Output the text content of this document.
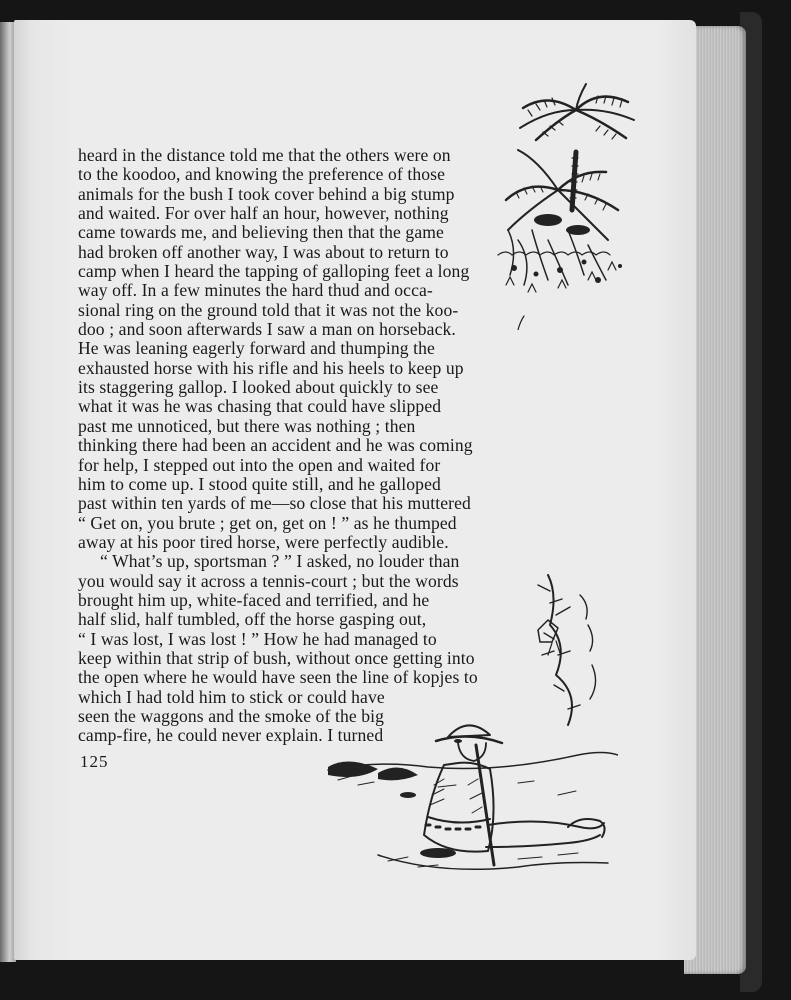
heard in the distance told me that the others were on
to the koodoo, and knowing the preference of those
animals for the bush I took cover behind a big stump
and waited. For over half an hour, however, nothing
came towards me, and believing then that the game
had broken off another way, I was about to return to
camp when I heard the tapping of galloping feet a long
way off. In a few minutes the hard thud and occa-
sional ring on the ground told that it was not the koo-
doo ; and soon afterwards I saw a man on horseback.
He was leaning eagerly forward and thumping the
exhausted horse with his rifle and his heels to keep up
its staggering gallop. I looked about quickly to see
what it was he was chasing that could have slipped
past me unnoticed, but there was nothing ; then
thinking there had been an accident and he was coming
for help, I stepped out into the open and waited for
him to come up. I stood quite still, and he galloped
past within ten yards of me—so close that his muttered
“ Get on, you brute ; get on, get on ! ” as he thumped
away at his poor tired horse, were perfectly audible.
“ What’s up, sportsman ? ” I asked, no louder than
you would say it across a tennis-court ; but the words
brought him up, white-faced and terrified, and he
half slid, half tumbled, off the horse gasping out,
“ I was lost, I was lost ! ” How he had managed to
keep within that strip of bush, without once getting into
the open where he would have seen the line of kopjes to
which I had told him to stick or could have
seen the waggons and the smoke of the big
camp-fire, he could never explain. I turned
125
